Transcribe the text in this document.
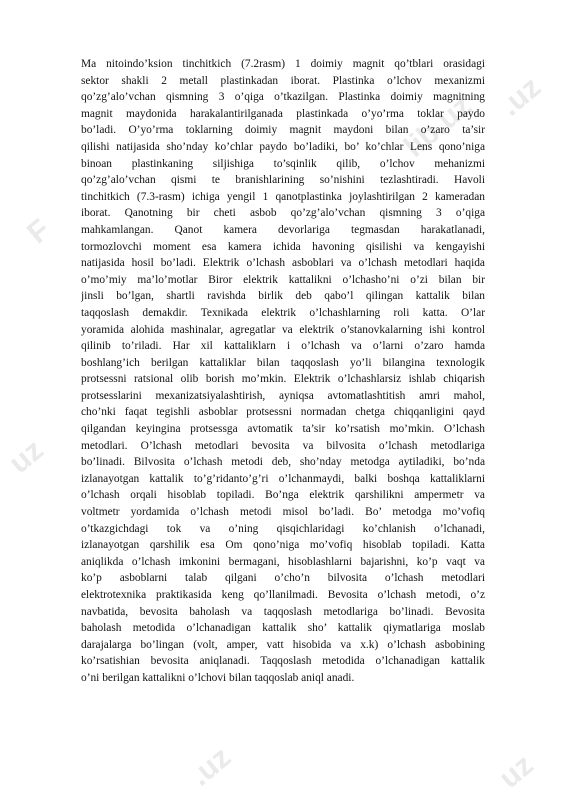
F
.uz
lib.uz
uz
.uz	uz
Ma nitoindo’ksion tinchitkich (7.2rasm) 1 doimiy magnit qo’tblari orasidagi
sektor shakli 2 metall plastinkadan iborat. Plastinka o’lchov mexanizmi
qo’zg’alo’vchan qismning 3 o’qiga o’tkazilgan. Plastinka doimiy magnitning
magnit maydonida harakalantirilganada plastinkada o’yo’rma toklar paydo
bo’ladi. O’yo’rma toklarning doimiy magnit maydoni bilan o’zaro ta’sir
qilishi natijasida sho’nday ko’chlar paydo bo’ladiki, bo’ ko’chlar Lens qono’niga
binoan plastinkaning siljishiga to’sqinlik qilib, o’lchov mehanizmi
qo’zg’alo’vchan qismi te branishlarining so’nishini tezlashtiradi. Havoli
tinchitkich (7.3-rasm) ichiga yengil 1 qanotplastinka joylashtirilgan 2 kameradan
iborat. Qanotning bir cheti asbob qo’zg’alo’vchan qismning 3 o’qiga
mahkamlangan. Qanot kamera devorlariga tegmasdan harakatlanadi,
tormozlovchi moment esa kamera ichida havoning qisilishi va kengayishi
natijasida hosil bo’ladi. Elektrik o’lchash asboblari va o’lchash metodlari haqida
o’mo’miy ma’lo’motlar Biror elektrik kattalikni o’lchasho’ni o’zi bilan bir
jinsli bo’lgan, shartli ravishda birlik deb qabo’l qilingan kattalik bilan
taqqoslash demakdir. Texnikada elektrik o’lchashlarning roli katta. O’lar
yoramida alohida mashinalar, agregatlar va elektrik o’stanovkalarning ishi kontrol
qilinib to’riladi. Har xil kattaliklarn i o’lchash va o’larni o’zaro hamda
boshlang’ich berilgan kattaliklar bilan taqqoslash yo’li bilangina texnologik
protsessni ratsional olib borish mo’mkin. Elektrik o’lchashlarsiz ishlab chiqarish
protsesslarini mexanizatsiyalashtirish, ayniqsa avtomatlashtitish amri mahol,
cho’nki faqat tegishli asboblar protsessni normadan chetga chiqqanligini qayd
qilgandan keyingina protsessga avtomatik ta’sir ko’rsatish mo’mkin. O’lchash
metodlari. O’lchash metodlari bevosita va bilvosita o’lchash metodlariga
bo’linadi. Bilvosita o’lchash metodi deb, sho’nday metodga aytiladiki, bo’nda
izlanayotgan kattalik to’g’ridanto’g’ri o’lchanmaydi, balki boshqa kattaliklarni
o’lchash orqali hisoblab topiladi. Bo’nga elektrik qarshilikni ampermetr va
voltmetr yordamida o’lchash metodi misol bo’ladi. Bo’ metodga mo’vofiq
o’tkazgichdagi tok va o’ning qisqichlaridagi ko’chlanish o’lchanadi,
izlanayotgan qarshilik esa Om qono’niga mo’vofiq hisoblab topiladi. Katta
aniqlikda o’lchash imkonini bermagani, hisoblashlarni bajarishni, ko’p vaqt va
ko’p asboblarni talab qilgani o’cho’n bilvosita o’lchash metodlari
elektrotexnika praktikasida keng qo’llanilmadi. Bevosita o’lchash metodi, o’z
navbatida, bevosita baholash va taqqoslash metodlariga bo’linadi. Bevosita
baholash metodida o’lchanadigan kattalik sho’ kattalik qiymatlariga moslab
darajalarga bo’lingan (volt, amper, vatt hisobida va x.k) o’lchash asbobining
ko’rsatishian bevosita aniqlanadi. Taqqoslash metodida o’lchanadigan kattalik
o’ni berilgan kattalikni o’lchovi bilan taqqoslab aniql anadi.
